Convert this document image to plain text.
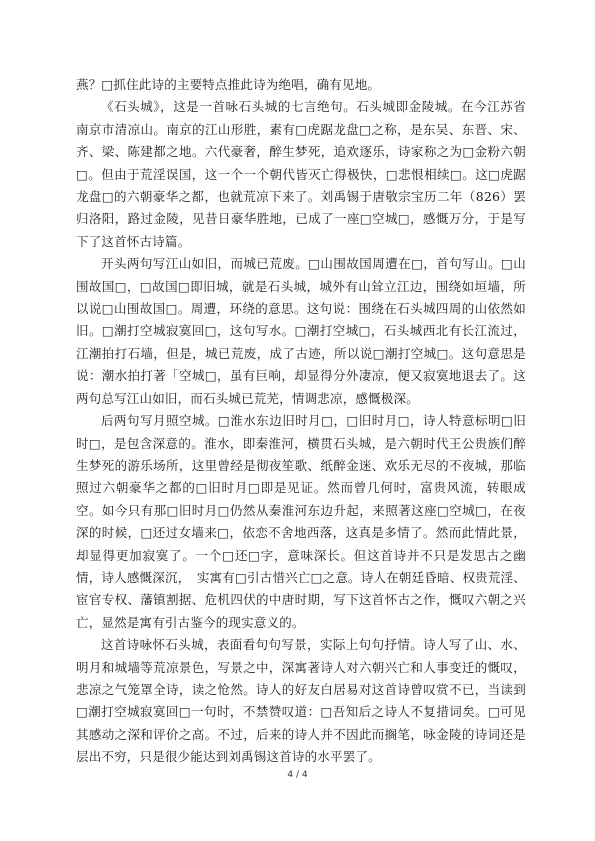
燕？□抓住此诗的主要特点推此诗为绝唱，确有见地。

《石头城》，这是一首咏石头城的七言绝句。石头城即金陵城。在今江苏省南京市清凉山。南京的江山形胜，素有□虎踞龙盘□之称，是东吴、东晋、宋、齐、梁、陈建都之地。六代豪奢，醉生梦死，追欢逐乐，诗家称之为□金粉六朝□。但由于荒淫误国，这一个一个朝代皆灭亡得极快，□悲恨相续□。这□虎踞龙盘□的六朝豪华之都，也就荒凉下来了。刘禹锡于唐敬宗宝历二年（826）罢归洛阳，路过金陵，见昔日豪华胜地，已成了一座□空城□，感慨万分，于是写下了这首怀古诗篇。

开头两句写江山如旧，而城已荒废。□山围故国周遭在□，首句写山。□山围故国□，□故国□即旧城，就是石头城，城外有山耸立江边，围绕如垣墙，所以说□山围故国□。周遭，环绕的意思。这句说：围绕在石头城四周的山依然如旧。□潮打空城寂寞回□，这句写水。□潮打空城□，石头城西北有长江流过，江潮拍打石墙，但是，城已荒废，成了古迹，所以说□潮打空城□。这句意思是说：潮水拍打著「空城□，虽有巨响，却显得分外凄凉，便又寂寞地退去了。这两句总写江山如旧，而石头城已荒芜，情调悲凉，感慨极深。

后两句写月照空城。□淮水东边旧时月□，□旧时月□，诗人特意标明□旧时□，是包含深意的。淮水，即秦淮河，横贯石头城，是六朝时代王公贵族们醉生梦死的游乐场所，这里曾经是彻夜笙歌、纸醉金迷、欢乐无尽的不夜城，那临照过六朝豪华之都的□旧时月□即是见证。然而曾几何时，富贵风流，转眼成空。如今只有那□旧时月□仍然从秦淮河东边升起，来照著这座□空城□，在夜深的时候，□还过女墙来□，依恋不舍地西落，这真是多情了。然而此情此景，却显得更加寂寞了。一个□还□字，意味深长。但这首诗并不只是发思古之幽情，诗人感慨深沉，　实寓有□引古惜兴亡□之意。诗人在朝廷昏暗、权贵荒淫、宦官专权、藩镇割据、危机四伏的中唐时期，写下这首怀古之作，慨叹六朝之兴亡，显然是寓有引古鉴今的现实意义的。

这首诗咏怀石头城，表面看句句写景，实际上句句抒情。诗人写了山、水、明月和城墙等荒凉景色，写景之中，深寓著诗人对六朝兴亡和人事变迁的慨叹，悲凉之气笼罩全诗，读之怆然。诗人的好友白居易对这首诗曾叹赏不已，当读到□潮打空城寂寞回□一句时，不禁赞叹道：□吾知后之诗人不复措词矣。□可见其感动之深和评价之高。不过，后来的诗人并不因此而搁笔，咏金陵的诗词还是层出不穷，只是很少能达到刘禹锡这首诗的水平罢了。

4 / 4
